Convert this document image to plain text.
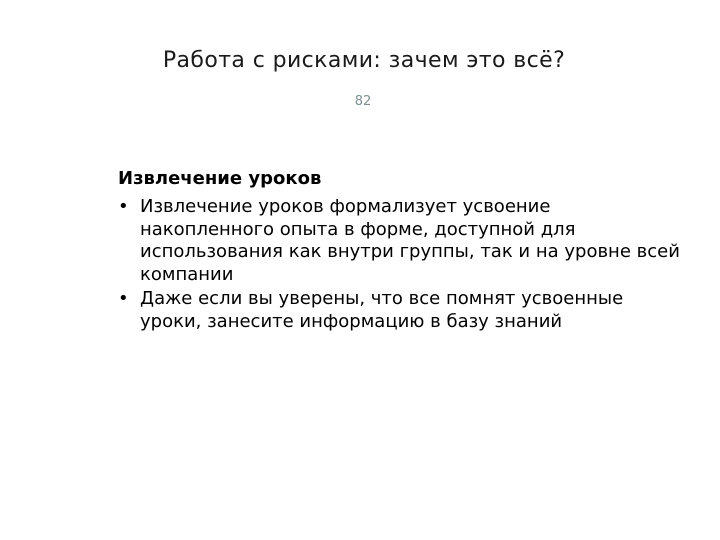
Работа с рисками: зачем это всё?
82
Извлечение уроков
• Извлечение уроков формализует усвоение накопленного опыта в форме, доступной для использования как внутри группы, так и на уровне всей компании
• Даже если вы уверены, что все помнят усвоенные уроки, занесите информацию в базу знаний
